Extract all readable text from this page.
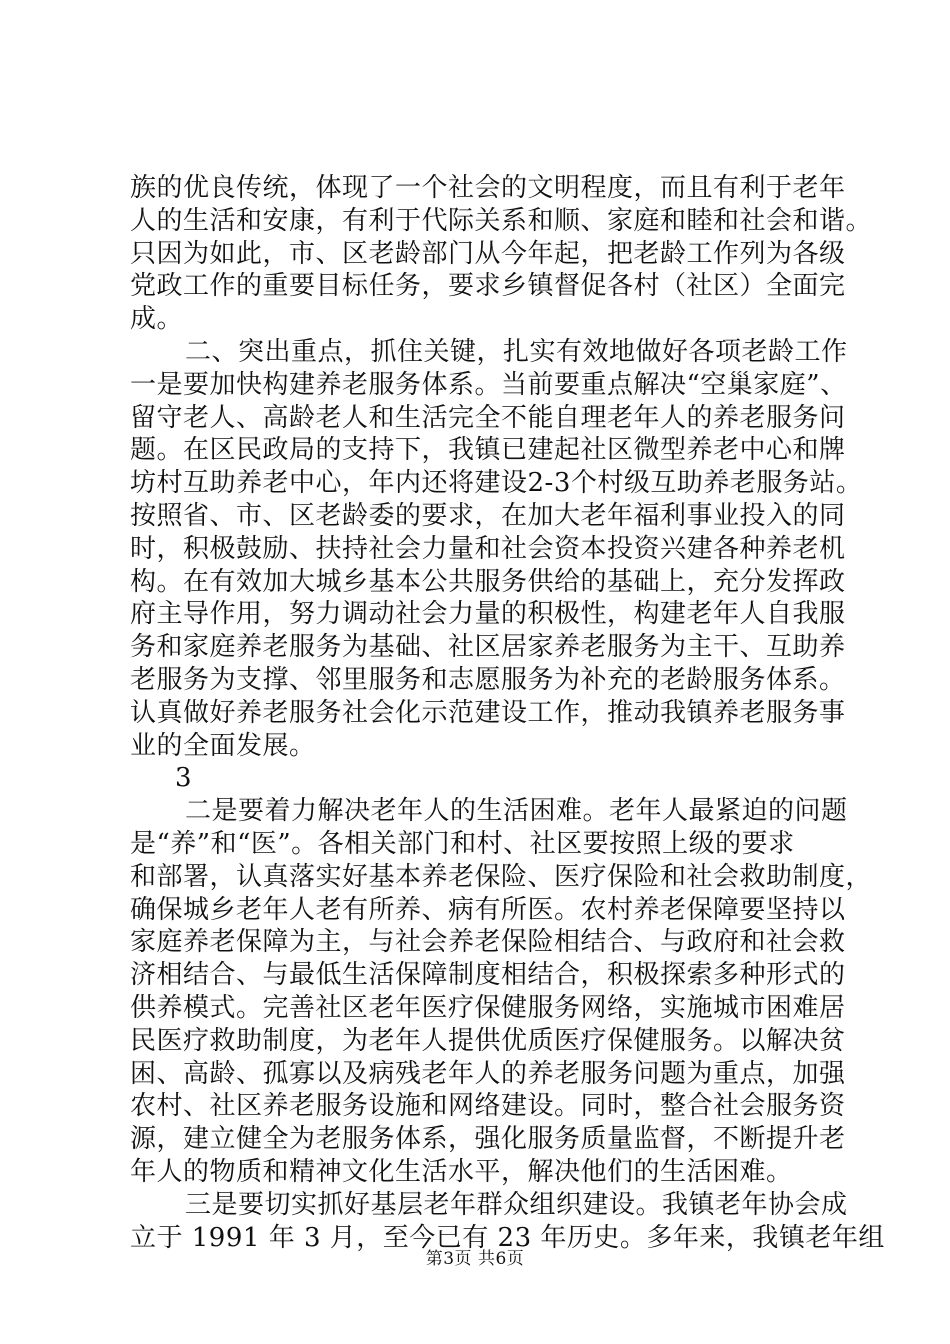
族的优良传统，体现了一个社会的文明程度，而且有利于老年
人的生活和安康，有利于代际关系和顺、家庭和睦和社会和谐。
只因为如此，市、区老龄部门从今年起，把老龄工作列为各级
党政工作的重要目标任务，要求乡镇督促各村（社区）全面完
成。
二、突出重点，抓住关键，扎实有效地做好各项老龄工作
一是要加快构建养老服务体系。当前要重点解决“空巢家庭”、
留守老人、高龄老人和生活完全不能自理老年人的养老服务问
题。在区民政局的支持下，我镇已建起社区微型养老中心和牌
坊村互助养老中心，年内还将建设2-3个村级互助养老服务站。
按照省、市、区老龄委的要求，在加大老年福利事业投入的同
时，积极鼓励、扶持社会力量和社会资本投资兴建各种养老机
构。在有效加大城乡基本公共服务供给的基础上，充分发挥政
府主导作用，努力调动社会力量的积极性，构建老年人自我服
务和家庭养老服务为基础、社区居家养老服务为主干、互助养
老服务为支撑、邻里服务和志愿服务为补充的老龄服务体系。
认真做好养老服务社会化示范建设工作，推动我镇养老服务事
业的全面发展。
3
二是要着力解决老年人的生活困难。老年人最紧迫的问题
是“养”和“医”。各相关部门和村、社区要按照上级的要求
和部署，认真落实好基本养老保险、医疗保险和社会救助制度，
确保城乡老年人老有所养、病有所医。农村养老保障要坚持以
家庭养老保障为主，与社会养老保险相结合、与政府和社会救
济相结合、与最低生活保障制度相结合，积极探索多种形式的
供养模式。完善社区老年医疗保健服务网络，实施城市困难居
民医疗救助制度，为老年人提供优质医疗保健服务。以解决贫
困、高龄、孤寡以及病残老年人的养老服务问题为重点，加强
农村、社区养老服务设施和网络建设。同时，整合社会服务资
源，建立健全为老服务体系，强化服务质量监督，不断提升老
年人的物质和精神文化生活水平，解决他们的生活困难。
三是要切实抓好基层老年群众组织建设。我镇老年协会成
立于 1991 年 3 月，至今已有 23 年历史。多年来，我镇老年组
第3页 共6页
